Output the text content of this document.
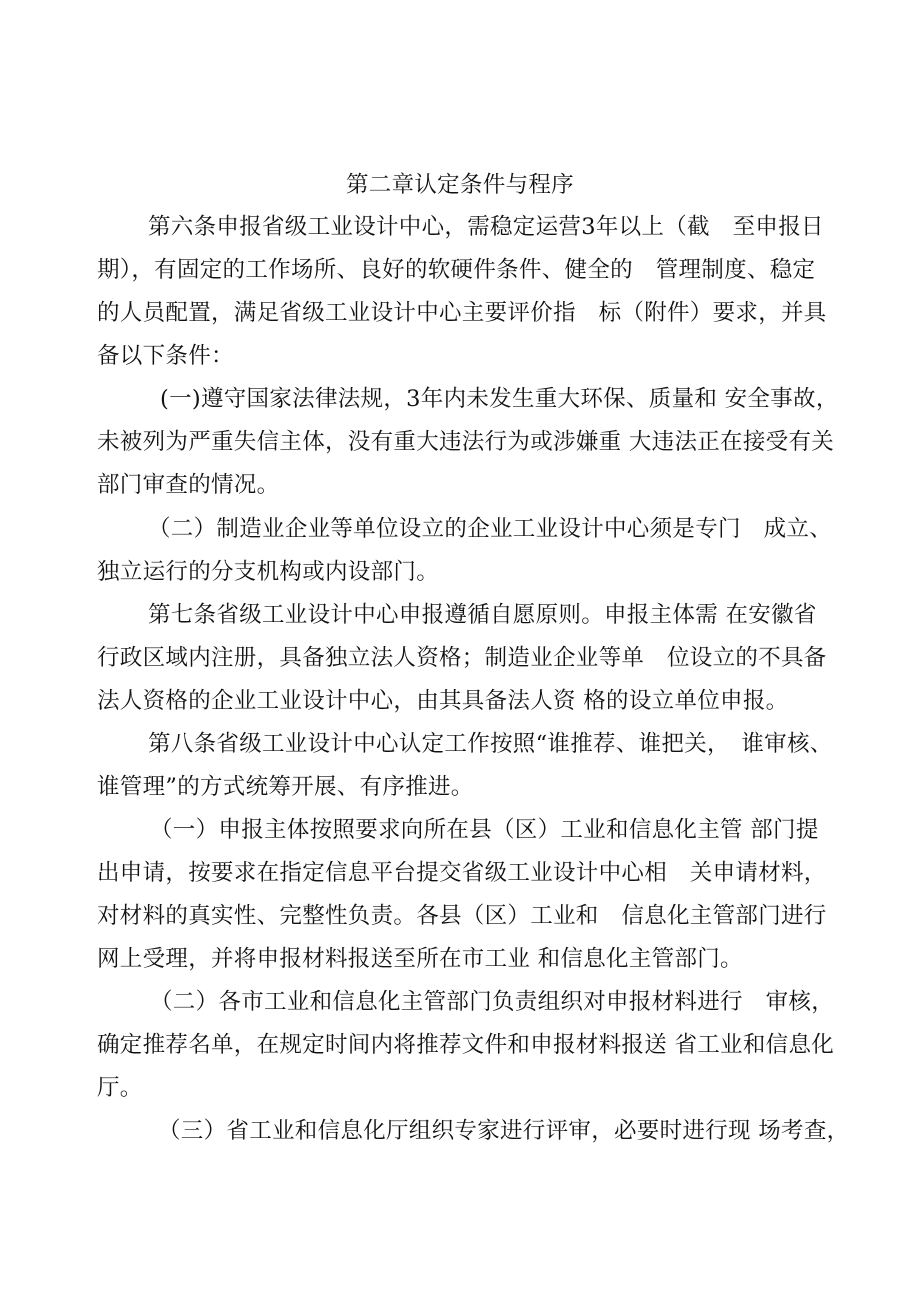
第二章认定条件与程序
第六条申报省级工业设计中心，需稳定运营3年以上（截　至申报日
期），有固定的工作场所、良好的软硬件条件、健全的　管理制度、稳定
的人员配置，满足省级工业设计中心主要评价指　标（附件）要求，并具
备以下条件：
(一)遵守国家法律法规，3年内未发生重大环保、质量和 安全事故，
未被列为严重失信主体，没有重大违法行为或涉嫌重 大违法正在接受有关
部门审查的情况。
（二）制造业企业等单位设立的企业工业设计中心须是专门　成立、
独立运行的分支机构或内设部门。
第七条省级工业设计中心申报遵循自愿原则。申报主体需 在安徽省
行政区域内注册，具备独立法人资格；制造业企业等单　位设立的不具备
法人资格的企业工业设计中心，由其具备法人资 格的设立单位申报。
第八条省级工业设计中心认定工作按照“谁推荐、谁把关，　谁审核、
谁管理”的方式统筹开展、有序推进。
（一）申报主体按照要求向所在县（区）工业和信息化主管 部门提
出申请，按要求在指定信息平台提交省级工业设计中心相　关申请材料，
对材料的真实性、完整性负责。各县（区）工业和　信息化主管部门进行
网上受理，并将申报材料报送至所在市工业 和信息化主管部门。
（二）各市工业和信息化主管部门负责组织对申报材料进行　审核，
确定推荐名单，在规定时间内将推荐文件和申报材料报送 省工业和信息化
厅。
（三）省工业和信息化厅组织专家进行评审，必要时进行现 场考查，
